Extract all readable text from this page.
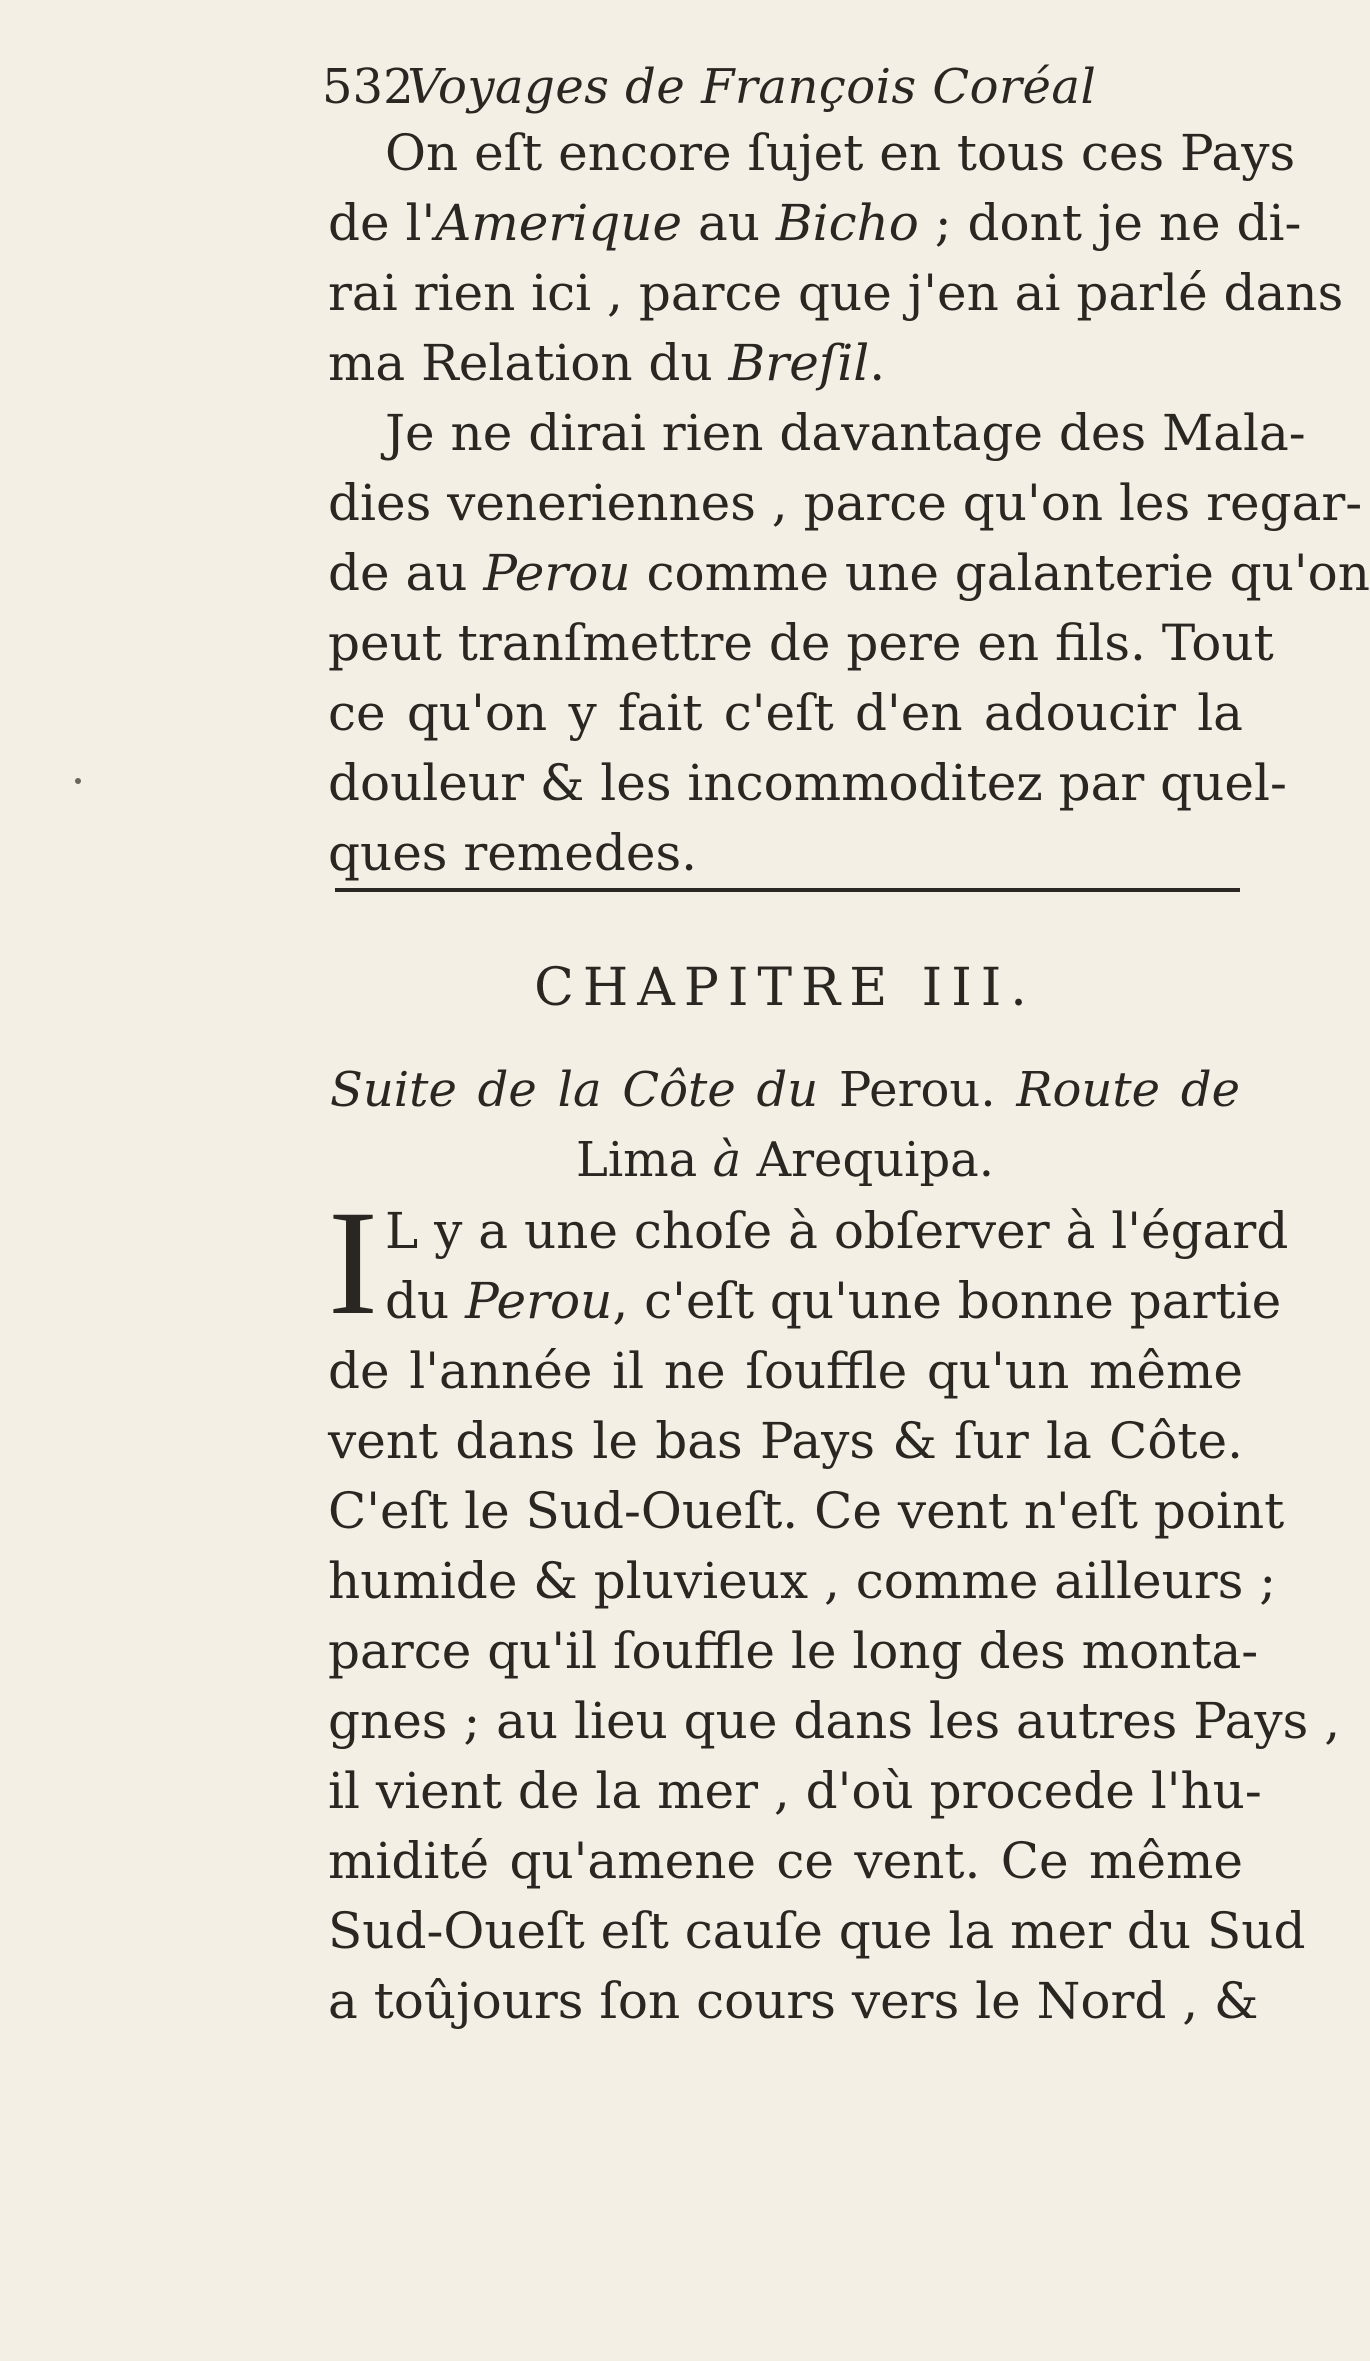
532 Voyages de François Coréal
On eſt encore ſujet en tous ces Pays
de l'Amerique au Bicho ; dont je ne di-
rai rien ici , parce que j'en ai parlé dans
ma Relation du Breſil.
Je ne dirai rien davantage des Mala-
dies veneriennes , parce qu'on les regar-
de au Perou comme une galanterie qu'on
peut tranſmettre de pere en fils. Tout
ce qu'on y fait c'eſt d'en adoucir la
douleur & les incommoditez par quel-
ques remedes.
CHAPITRE III.
Suite de la Côte du Perou. Route de
Lima à Arequipa.
I L y a une choſe à obſerver à l'égard
du Perou, c'eſt qu'une bonne partie
de l'année il ne ſouffle qu'un même
vent dans le bas Pays & ſur la Côte.
C'eſt le Sud-Oueſt. Ce vent n'eſt point
humide & pluvieux , comme ailleurs ;
parce qu'il ſouffle le long des monta-
gnes ; au lieu que dans les autres Pays ,
il vient de la mer , d'où procede l'hu-
midité qu'amene ce vent. Ce même
Sud-Oueſt eſt cauſe que la mer du Sud
a toûjours ſon cours vers le Nord , &
